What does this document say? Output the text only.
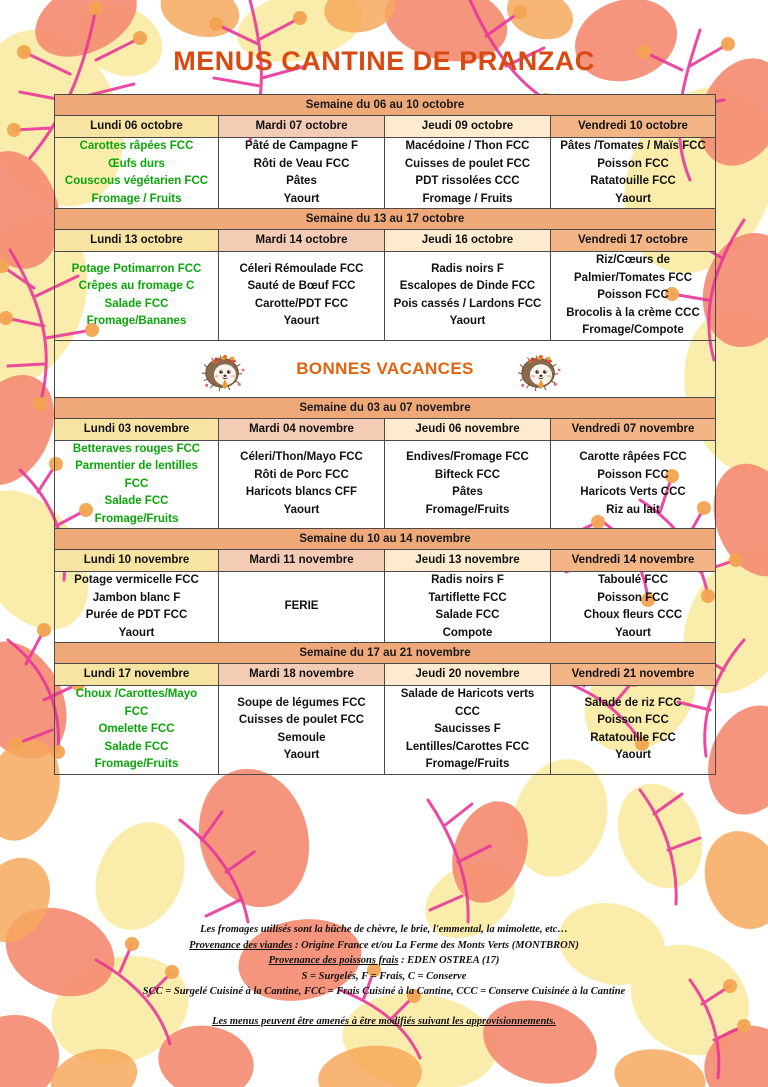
MENUS CANTINE DE PRANZAC
Semaine du 06 au 10 octobre			
Lundi 06 octobre	Mardi 07 octobre	Jeudi 09 octobre	Vendredi 10 octobre

Carottes râpées FCC
Œufs durs
Couscous végétarien FCC
Fromage / Fruits	Pâté de Campagne F
Rôti de Veau FCC
Pâtes
Yaourt	Macédoine / Thon FCC
Cuisses de poulet FCC
PDT rissolées CCC
Fromage / Fruits	Pâtes /Tomates / Maïs FCC
Poisson FCC
Ratatouille FCC
Yaourt

Semaine du 13 au 17 octobre			
Lundi 13 octobre	Mardi 14 octobre	Jeudi 16 octobre	Vendredi 17 octobre

Potage Potimarron FCC
Crêpes au fromage C
Salade FCC
Fromage/Bananes	Céleri Rémoulade FCC
Sauté de Bœuf FCC
Carotte/PDT FCC
Yaourt	Radis noirs F
Escalopes de Dinde FCC
Pois cassés / Lardons FCC
Yaourt	Riz/Cœurs de
Palmier/Tomates FCC
Poisson FCC
Brocolis à la crème CCC
Fromage/Compote

BONNES VACANCES			

Semaine du 03 au 07 novembre			
Lundi 03 novembre	Mardi 04 novembre	Jeudi 06 novembre	Vendredi 07 novembre

Betteraves rouges FCC
Parmentier de lentilles
FCC
Salade FCC
Fromage/Fruits	Céleri/Thon/Mayo FCC
Rôti de Porc FCC
Haricots blancs CFF
Yaourt	Endives/Fromage FCC
Bifteck FCC
Pâtes
Fromage/Fruits	Carotte râpées FCC
Poisson FCC
Haricots Verts CCC
Riz au lait

Semaine du 10 au 14 novembre			
Lundi 10 novembre	Mardi 11 novembre	Jeudi 13 novembre	Vendredi 14 novembre

Potage vermicelle FCC
Jambon blanc F
Purée de PDT FCC
Yaourt	FERIE	Radis noirs F
Tartiflette FCC
Salade FCC
Compote	Taboulé FCC
Poisson FCC
Choux fleurs CCC
Yaourt

Semaine du 17 au 21 novembre			
Lundi 17 novembre	Mardi 18 novembre	Jeudi 20 novembre	Vendredi 21 novembre

Choux /Carottes/Mayo
FCC
Omelette FCC
Salade FCC
Fromage/Fruits	Soupe de légumes FCC
Cuisses de poulet FCC
Semoule
Yaourt	Salade de Haricots verts
CCC
Saucisses F
Lentilles/Carottes FCC
Fromage/Fruits	Salade de riz FCC
Poisson FCC
Ratatouille FCC
Yaourt
Les fromages utilisés sont la bûche de chèvre, le brie, l'emmental, la mimolette, etc…
Provenance des viandes : Origine France et/ou La Ferme des Monts Verts (MONTBRON)
Provenance des poissons frais : EDEN OSTREA (17)
S = Surgelés, F = Frais, C = Conserve
SCC = Surgelé Cuisiné à la Cantine, FCC = Frais Cuisiné à la Cantine, CCC = Conserve Cuisinée à la Cantine
Les menus peuvent être amenés à être modifiés suivant les approvisionnements.
